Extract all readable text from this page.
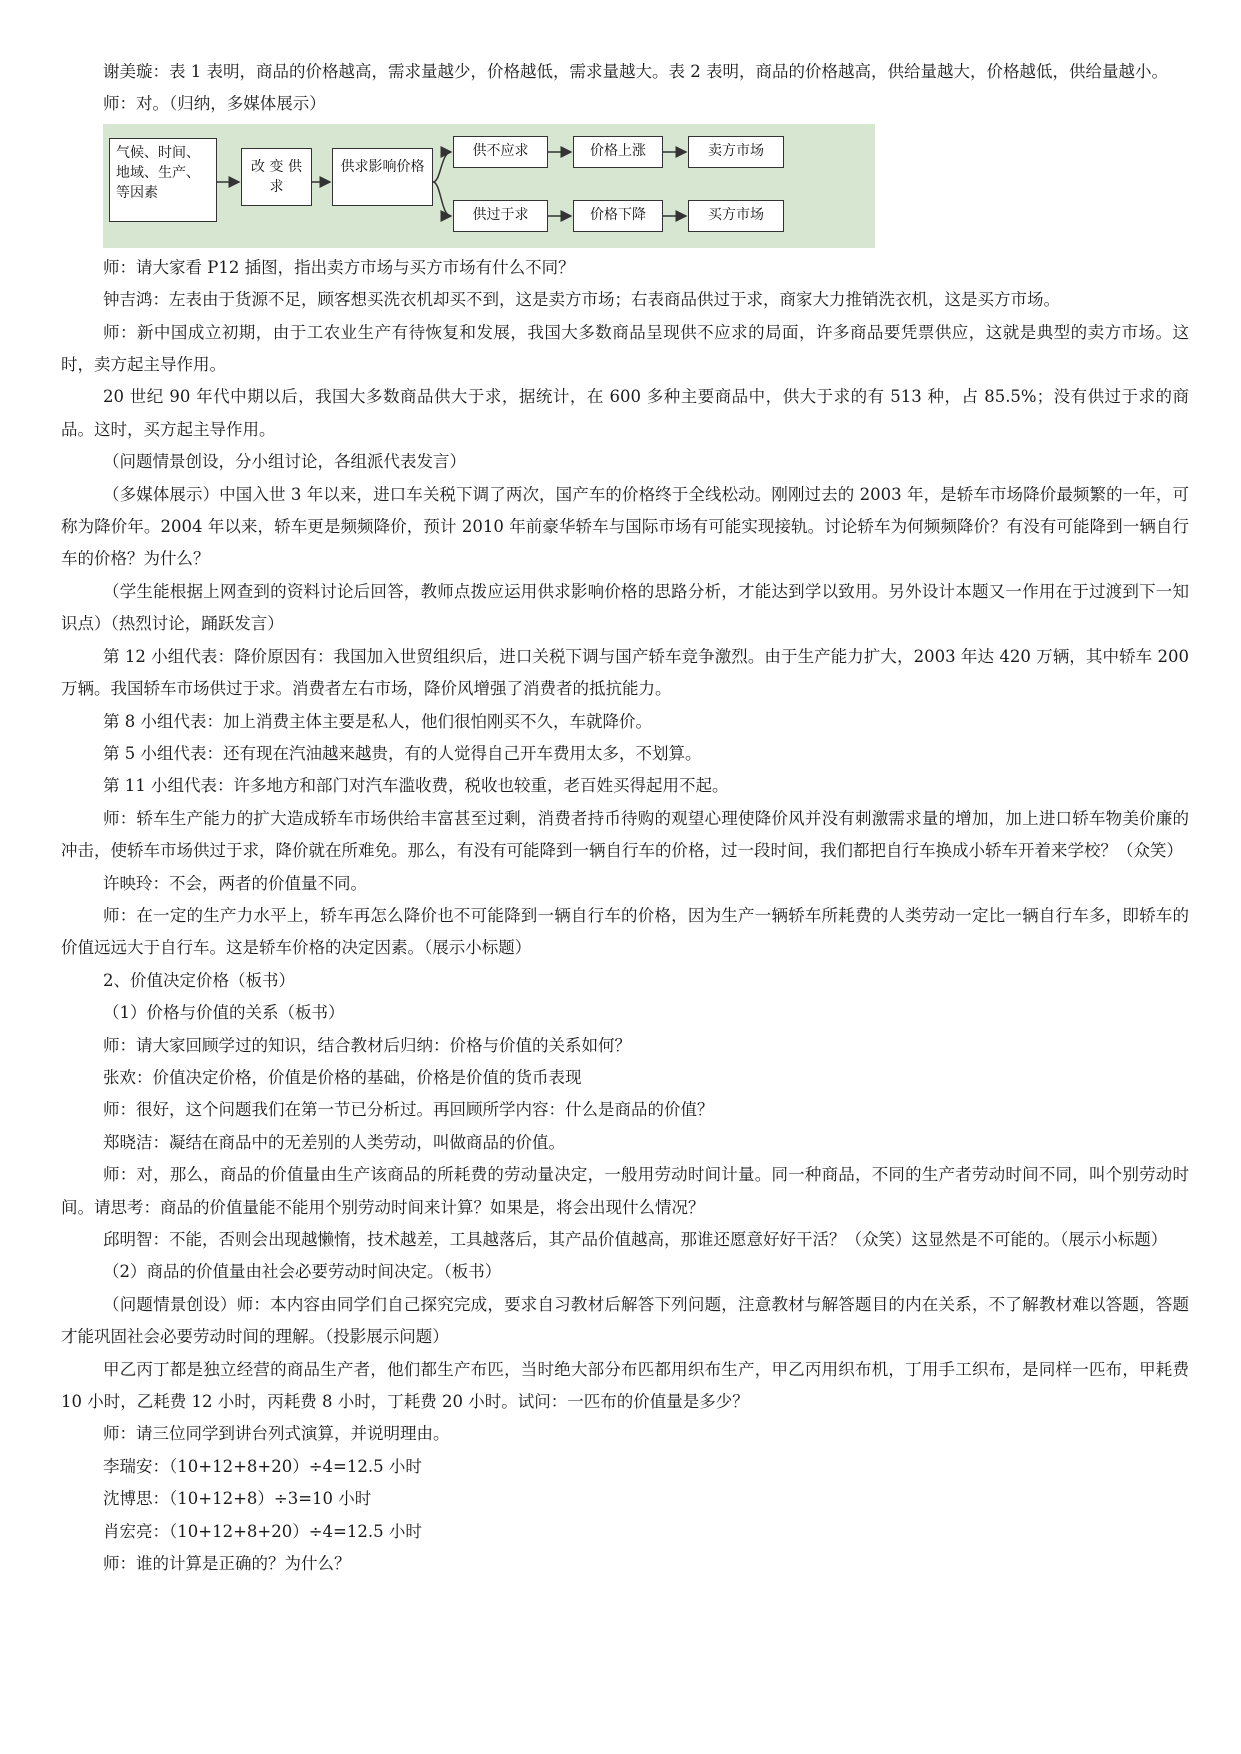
谢美璇：表 1 表明，商品的价格越高，需求量越少，价格越低，需求量越大。表 2 表明，商品的价格越高，供给量越大，价格越低，供给量越小。

师：对。（归纳，多媒体展示）

气候、时间、地域、生产、等因素
改 变 供 求
供求影响价格
供不应求	价格上涨	卖方市场
供过于求	价格下降	买方市场

师：请大家看 P12 插图，指出卖方市场与买方市场有什么不同？

钟吉鸿：左表由于货源不足，顾客想买洗衣机却买不到，这是卖方市场；右表商品供过于求，商家大力推销洗衣机，这是买方市场。

师：新中国成立初期，由于工农业生产有待恢复和发展，我国大多数商品呈现供不应求的局面，许多商品要凭票供应，这就是典型的卖方市场。这时，卖方起主导作用。

20 世纪 90 年代中期以后，我国大多数商品供大于求，据统计，在 600 多种主要商品中，供大于求的有 513 种，占 85.5%；没有供过于求的商品。这时，买方起主导作用。

（问题情景创设，分小组讨论，各组派代表发言）

（多媒体展示）中国入世 3 年以来，进口车关税下调了两次，国产车的价格终于全线松动。刚刚过去的 2003 年，是轿车市场降价最频繁的一年，可称为降价年。2004 年以来，轿车更是频频降价，预计 2010 年前豪华轿车与国际市场有可能实现接轨。讨论轿车为何频频降价？有没有可能降到一辆自行车的价格？为什么？

（学生能根据上网查到的资料讨论后回答，教师点拨应运用供求影响价格的思路分析，才能达到学以致用。另外设计本题又一作用在于过渡到下一知识点）（热烈讨论，踊跃发言）

第 12 小组代表：降价原因有：我国加入世贸组织后，进口关税下调与国产轿车竞争激烈。由于生产能力扩大，2003 年达 420 万辆，其中轿车 200 万辆。我国轿车市场供过于求。消费者左右市场，降价风增强了消费者的抵抗能力。

第 8 小组代表：加上消费主体主要是私人，他们很怕刚买不久，车就降价。

第 5 小组代表：还有现在汽油越来越贵，有的人觉得自己开车费用太多，不划算。

第 11 小组代表：许多地方和部门对汽车滥收费，税收也较重，老百姓买得起用不起。

师：轿车生产能力的扩大造成轿车市场供给丰富甚至过剩，消费者持币待购的观望心理使降价风并没有刺激需求量的增加，加上进口轿车物美价廉的冲击，使轿车市场供过于求，降价就在所难免。那么，有没有可能降到一辆自行车的价格，过一段时间，我们都把自行车换成小轿车开着来学校？（众笑）

许映玲：不会，两者的价值量不同。

师：在一定的生产力水平上，轿车再怎么降价也不可能降到一辆自行车的价格，因为生产一辆轿车所耗费的人类劳动一定比一辆自行车多，即轿车的价值远远大于自行车。这是轿车价格的决定因素。（展示小标题）

2、价值决定价格（板书）

（1）价格与价值的关系（板书）

师：请大家回顾学过的知识，结合教材后归纳：价格与价值的关系如何？

张欢：价值决定价格，价值是价格的基础，价格是价值的货币表现

师：很好，这个问题我们在第一节已分析过。再回顾所学内容：什么是商品的价值？

郑晓洁：凝结在商品中的无差别的人类劳动，叫做商品的价值。

师：对，那么，商品的价值量由生产该商品的所耗费的劳动量决定，一般用劳动时间计量。同一种商品，不同的生产者劳动时间不同，叫个别劳动时间。请思考：商品的价值量能不能用个别劳动时间来计算？如果是，将会出现什么情况？

邱明智：不能，否则会出现越懒惰，技术越差，工具越落后，其产品价值越高，那谁还愿意好好干活？（众笑）这显然是不可能的。（展示小标题）

（2）商品的价值量由社会必要劳动时间决定。（板书）

（问题情景创设）师：本内容由同学们自己探究完成，要求自习教材后解答下列问题，注意教材与解答题目的内在关系，不了解教材难以答题，答题才能巩固社会必要劳动时间的理解。（投影展示问题）

甲乙丙丁都是独立经营的商品生产者，他们都生产布匹，当时绝大部分布匹都用织布生产，甲乙丙用织布机，丁用手工织布，是同样一匹布，甲耗费 10 小时，乙耗费 12 小时，丙耗费 8 小时，丁耗费 20 小时。试问：一匹布的价值量是多少？

师：请三位同学到讲台列式演算，并说明理由。

李瑞安：（10+12+8+20）÷4=12.5 小时

沈博思：（10+12+8）÷3=10 小时

肖宏亮：（10+12+8+20）÷4=12.5 小时

师：谁的计算是正确的？为什么？
